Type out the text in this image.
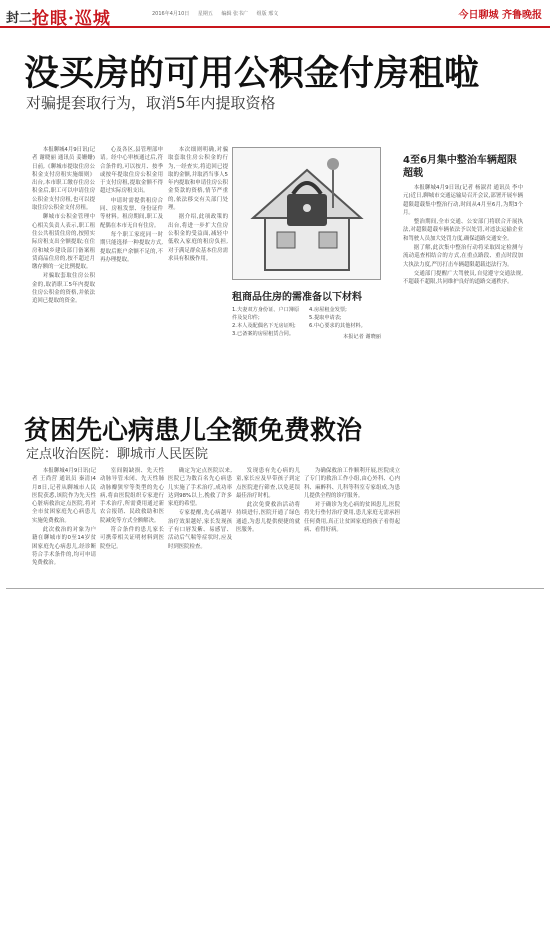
封二 抢眼·巡城	2016年4月10日 星期五 编辑 张书广 组版 邢文	今日聊城 齐鲁晚报
没买房的可用公积金付房租啦
对骗提套取行为，取消5年内提取资格

本报聊城4月9日讯(记者 谢晓丽 通讯员 姜姗姗)日前,《聊城市提取住房公积金支付房租实施细则》出台,本市职工缴存住房公积金后,职工可以申请住房公积金支付房租,也可以提取住房公积金支付房租。

聊城市公积金管理中心相关负责人表示,职工租住公共租赁住房的,按照实际房租支出全额提取;在住房和城乡建设部门备案租赁商品住房的,按不超过月缴存额的一定比例提取。

对骗取套取住房公积金的,取消职工5年内提取住房公积金的资格,并依法追回已提取的资金。

心及各区,县管理部申请。经中心审核通过后,符合条件的,可以按月、按季或按年提取住房公积金用于支付房租,提取金额不得超过实际房租支出。

申请时需提供租房合同、房租发票、身份证件等材料。租房期间,职工及配偶在本市无自有住房。

每个职工家庭同一时期只能选择一种提取方式,提取后账户余额不足的,不再办理提取。

本次细则明确,对骗取套取住房公积金的行为,一经查实,将追回已提取的金额,并取消当事人5年内提取和申请住房公积金贷款的资格,情节严重的,依法移交有关部门处理。

据介绍,此项政策的出台,将进一步扩大住房公积金的受益面,减轻中低收入家庭的租房负担,对于满足群众基本住房需求具有积极作用。

租商品住房的需准备以下材料
1.夫妻双方身份证、户口簿原件及复印件;
2.本人及配偶名下无房证明;
3.已备案的房屋租赁合同。
4.房屋租金发票;
5.提取申请表;
6.中心要求的其他材料。
本报记者 谢晓丽
4至6月集中整治车辆超限超载

本报聊城4月9日讯(记者 杨淑君 通讯员 李中元)近日,聊城市交通运输局召开会议,部署开展车辆超限超载集中整治行动,时间从4月至6月,为期3个月。

整治期间,全市交通、公安部门将联合开展执法,对超限超载车辆依法予以处罚,对违法运输企业和驾驶人员加大处罚力度,确保道路交通安全。

据了解,此次集中整治行动将采取固定检测与流动巡查相结合的方式,在重点路段、重点时段加大执法力度,严厉打击车辆超限超载违法行为。

交通部门提醒广大驾驶员,自觉遵守交通法规,不超载不超限,共同维护良好的道路交通秩序。

贫困先心病患儿全额免费救治
定点收治医院：聊城市人民医院

本报聊城4月9日讯(记者 王尚营 通讯员 秦清)4月8日,记者从聊城市人民医院获悉,该院作为先天性心脏病救治定点医院,将对全市贫困家庭先心病患儿实施免费救治。

此次救治的对象为户籍在聊城市的0至14岁贫困家庭先心病患儿,经诊断符合手术条件的,均可申请免费救治。

室间隔缺损、先天性动脉导管未闭、先天性肺动脉瓣狭窄等类型的先心病,将由医院组织专家进行手术治疗,所需费用通过新农合报销、民政救助和医院减免等方式全额解决。

符合条件的患儿家长可携带相关证明材料到医院登记。

确定为定点医院以来,医院已为数百名先心病患儿实施了手术治疗,成功率达到98%以上,挽救了许多家庭的希望。

专家提醒,先心病越早治疗效果越好,家长发现孩子有口唇发紫、易感冒、活动后气喘等症状时,应及时到医院检查。

发现患有先心病的儿童,家长应及早带孩子到定点医院进行筛查,以免延误最佳治疗时机。

此次免费救治活动将持续进行,医院开通了绿色通道,为患儿提供便捷的就医服务。

为确保救治工作顺利开展,医院成立了专门的救治工作小组,由心外科、心内科、麻醉科、儿科等科室专家组成,为患儿提供全程的诊疗服务。

对于确诊为先心病的贫困患儿,医院将先行垫付治疗费用,患儿家庭无需承担任何费用,真正让贫困家庭的孩子看得起病、看得好病。
